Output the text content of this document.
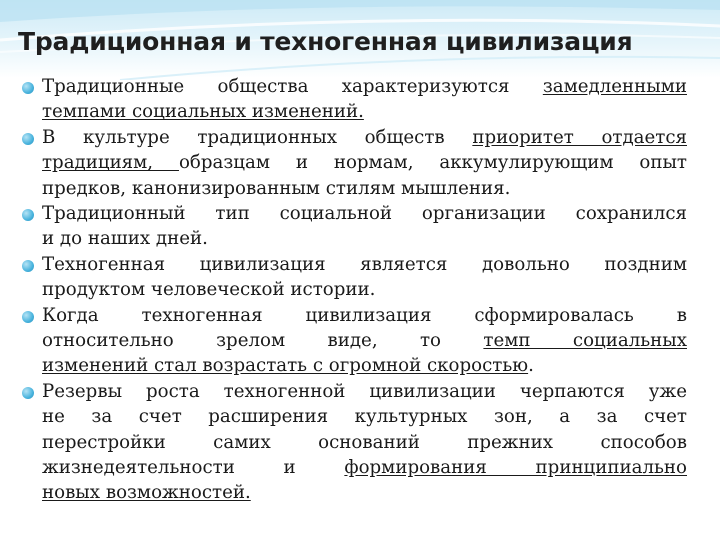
Традиционная и техногенная цивилизация
Традиционные общества характеризуются замедленными
темпами социальных изменений.
В культуре традиционных обществ приоритет отдается
традициям, образцам и нормам, аккумулирующим опыт
предков, канонизированным стилям мышления.
Традиционный тип социальной организации сохранился
и до наших дней.
Техногенная цивилизация является довольно поздним
продуктом человеческой истории.
Когда техногенная цивилизация сформировалась в
относительно зрелом виде, то темп социальных
изменений стал возрастать с огромной скоростью.
Резервы роста техногенной цивилизации черпаются уже
не за счет расширения культурных зон, а за счет
перестройки самих оснований прежних способов
жизнедеятельности и формирования принципиально
новых возможностей.
